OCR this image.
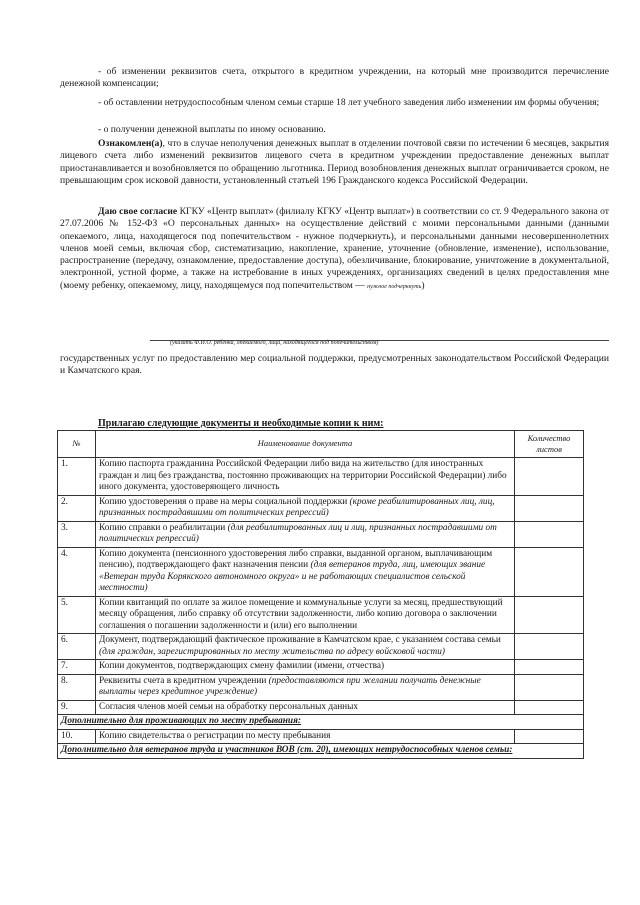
- об изменении реквизитов счета, открытого в кредитном учреждении, на который мне производится перечисление денежной компенсации;
- об оставлении нетрудоспособным членом семьи старше 18 лет учебного заведения либо изменении им формы обучения;
- о получении денежной выплаты по иному основанию.
Ознакомлен(а), что в случае неполучения денежных выплат в отделении почтовой связи по истечении 6 месяцев, закрытия лицевого счета либо изменений реквизитов лицевого счета в кредитном учреждении предоставление денежных выплат приостанавливается и возобновляется по обращению льготника. Период возобновления денежных выплат ограничивается сроком, не превышающим срок исковой давности, установленный статьей 196 Гражданского кодекса Российской Федерации.
Даю свое согласие КГКУ «Центр выплат» (филиалу КГКУ «Центр выплат») в соответствии со ст. 9 Федерального закона от 27.07.2006 № 152-ФЗ «О персональных данных» на осуществление действий с моими персональными данными (данными опекаемого, лица, находящегося под попечительством - нужное подчеркнуть), и персональными данными несовершеннолетних членов моей семьи, включая сбор, систематизацию, накопление, хранение, уточнение (обновление, изменение), использование, распространение (передачу, ознакомление, предоставление доступа), обезличивание, блокирование, уничтожение в документальной, электронной, устной форме, а также на истребование в иных учреждениях, организациях сведений в целях предоставления мне (моему ребенку, опекаемому, лицу, находящемуся под попечительством — нужное подчеркнуть)
(указать Ф.И.О. ребенка, опекаемого, лица, находящегося под попечительством)
государственных услуг по предоставлению мер социальной поддержки, предусмотренных законодательством Российской Федерации и Камчатского края.
Прилагаю следующие документы и необходимые копии к ним:
№	Наименование документа	Количество листов
1.	Копию паспорта гражданина Российской Федерации либо вида на жительство (для иностранных граждан и лиц без гражданства, постоянно проживающих на территории Российской Федерации) либо иного документа, удостоверяющего личность	
2.	Копию удостоверения о праве на меры социальной поддержки (кроме реабилитированных лиц, лиц, признанных пострадавшими от политических репрессий)	
3.	Копию справки о реабилитации (для реабилитированных лиц и лиц, признанных пострадавшими от политических репрессий)	
4.	Копию документа (пенсионного удостоверения либо справки, выданной органом, выплачивающим пенсию), подтверждающего факт назначения пенсии (для ветеранов труда, лиц, имеющих звание «Ветеран труда Корякского автономного округа» и не работающих специалистов сельской местности)	
5.	Копии квитанций по оплате за жилое помещение и коммунальные услуги за месяц, предшествующий месяцу обращения, либо справку об отсутствии задолженности, либо копию договора о заключении соглашения о погашении задолженности и (или) его выполнении	
6.	Документ, подтверждающий фактическое проживание в Камчатском крае, с указанием состава семьи (для граждан, зарегистрированных по месту жительства по адресу войсковой части)	
7.	Копии документов, подтверждающих смену фамилии (имени, отчества)	
8.	Реквизиты счета в кредитном учреждении (предоставляются при желании получать денежные выплаты через кредитное учреждение)	
9.	Согласия членов моей семьи на обработку персональных данных	
Дополнительно для проживающих по месту пребывания:		
10.	Копию свидетельства о регистрации по месту пребывания	
Дополнительно для ветеранов труда и участников ВОВ (ст. 20), имеющих нетрудоспособных членов семьи:		
